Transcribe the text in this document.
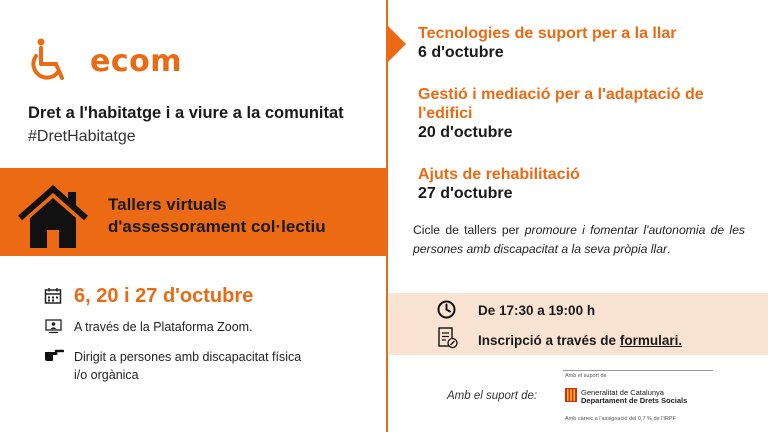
ecom
Dret a l'habitatge i a viure a la comunitat
#DretHabitatge
Tallers virtuals
d'assessorament col·lectiu
6, 20 i 27 d'octubre
A través de la Plataforma Zoom.
Dirigit a persones amb discapacitat física
i/o orgànica
Tecnologies de suport per a la llar
6 d'octubre
Gestió i mediació per a l'adaptació de
l'edifici
20 d'octubre
Ajuts de rehabilitació
27 d'octubre
Cicle de tallers per promoure i fomentar l'autonomia de les persones amb discapacitat a la seva pròpia llar.
De 17:30 a 19:00 h
Inscripció a través de formulari.
Amb el suport de:
Amb el suport de
Generalitat de Catalunya
Departament de Drets Socials
Amb càrrec a l'assignació del 0,7 % de l'IRPF
